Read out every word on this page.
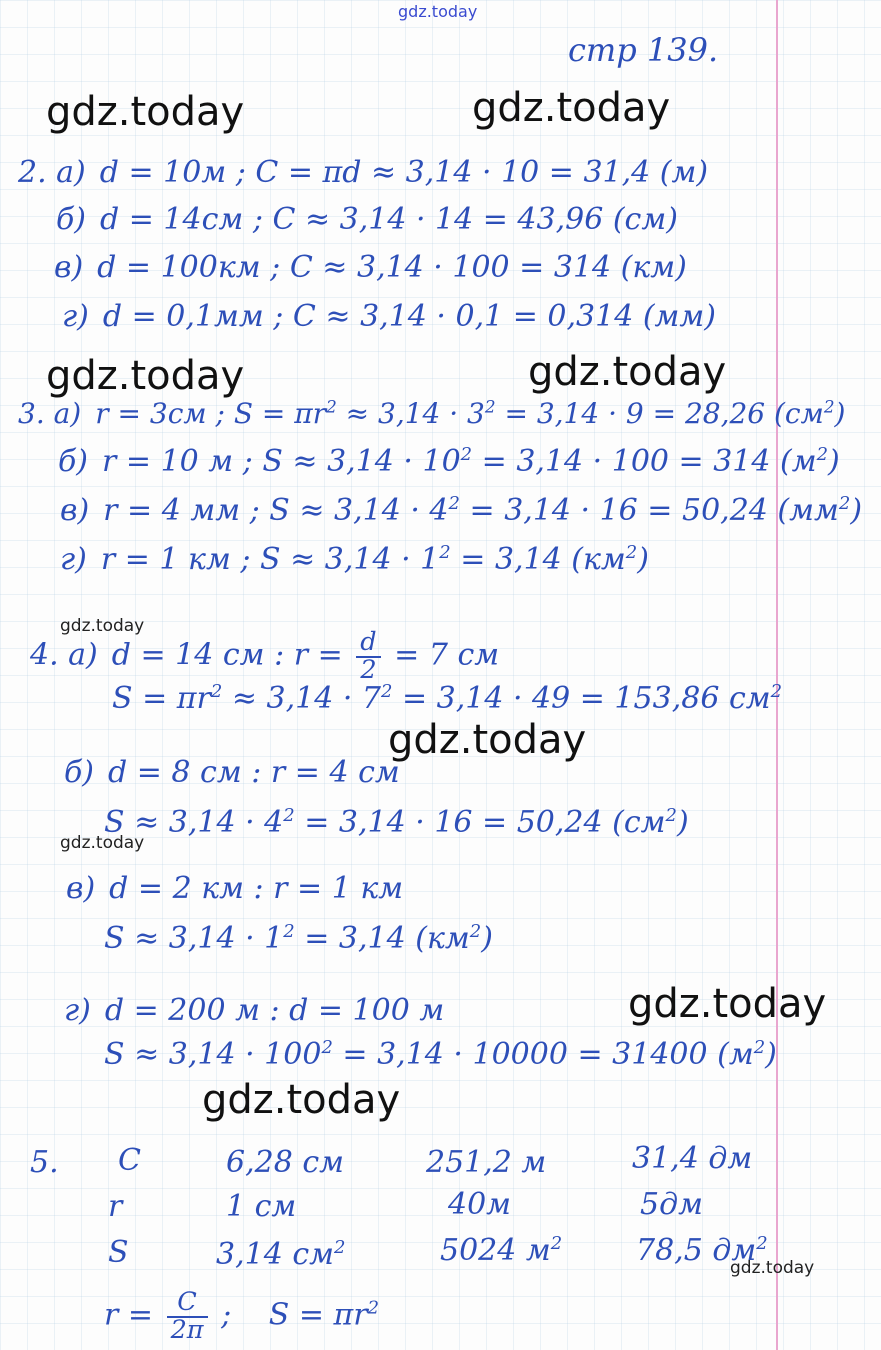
gdz.today
gdz.today	gdz.today
gdz.today	gdz.today
gdz.today
gdz.today
gdz.today
gdz.today
gdz.today
gdz.today
стр 139.
2. а) d = 10м ; C = πd ≈ 3,14 · 10 = 31,4 (м)
б) d = 14см ; C ≈ 3,14 · 14 = 43,96 (см)
в) d = 100км ; C ≈ 3,14 · 100 = 314 (км)
г) d = 0,1мм ; C ≈ 3,14 · 0,1 = 0,314 (мм)
3. а) r = 3см ; $S = \pi r^2 \approx 3,14 \cdot 3^2 = 3,14 \cdot 9 = 28,26$ $(см^2)$
б) r = 10 м ; $S \approx 3,14 \cdot 10^2 = 3,14 \cdot 100 = 314$ $(м^2)$
в) r = 4 мм ; $S \approx 3,14 \cdot 4^2 = 3,14 \cdot 16 = 50,24$ $(мм^2)$
г) r = 1 км ; $S \approx 3,14 \cdot 1^2 = 3,14$ $(км^2)$
4. а) d = 14 см : $r = \frac{d}{2} = 7$ см
$S = \pi r^2 \approx 3,14 \cdot 7^2 = 3,14 \cdot 49 = 153,86$ $см^2$
б) d = 8 см : r = 4 см
$S \approx 3,14 \cdot 4^2 = 3,14 \cdot 16 = 50,24$ $(см^2)$
в) d = 2 км : r = 1 км
$S \approx 3,14 \cdot 1^2 = 3,14$ $(км^2)$
г) d = 200 м : d = 100 м
$S \approx 3,14 \cdot 100^2 = 3,14 \cdot 10000 = 31400$ $(м^2)$
5. C	6,28 см	251,2 м	31,4 дм
r	1 см	40м	5дм
S	3,14 $см^2$	5024 $м^2$ 78,5 $дм^2$
$r = \frac{C}{2\pi}$ ; $S = \pi r^2$
